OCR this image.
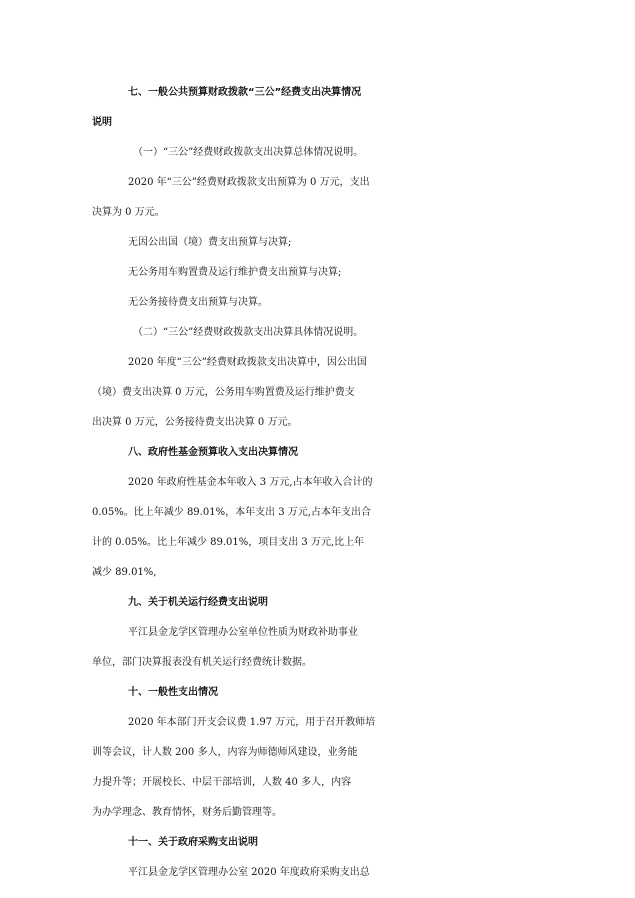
七、一般公共预算财政拨款“三公”经费支出决算情况
说明
（一）“三公”经费财政拨款支出决算总体情况说明。
2020 年“三公”经费财政拨款支出预算为 0 万元，支出
决算为 0 万元。
无因公出国（境）费支出预算与决算;
无公务用车购置费及运行维护费支出预算与决算;
无公务接待费支出预算与决算。
（二）“三公”经费财政拨款支出决算具体情况说明。
2020 年度“三公”经费财政拨款支出决算中，因公出国
（境）费支出决算 0 万元，公务用车购置费及运行维护费支
出决算 0 万元，公务接待费支出决算 0 万元。
八、政府性基金预算收入支出决算情况
2020 年政府性基金本年收入 3 万元,占本年收入合计的
0.05%。比上年减少 89.01%，本年支出 3 万元,占本年支出合
计的 0.05%。比上年减少 89.01%，项目支出 3 万元,比上年
减少 89.01%,
九、关于机关运行经费支出说明
平江县金龙学区管理办公室单位性质为财政补助事业
单位，部门决算报表没有机关运行经费统计数据。
十、一般性支出情况
2020 年本部门开支会议费 1.97 万元，用于召开教师培
训等会议，计人数 200 多人，内容为师德师风建设，业务能
力提升等；开展校长、中层干部培训，人数 40 多人，内容
为办学理念、教育情怀，财务后勤管理等。
十一、关于政府采购支出说明
平江县金龙学区管理办公室 2020 年度政府采购支出总
